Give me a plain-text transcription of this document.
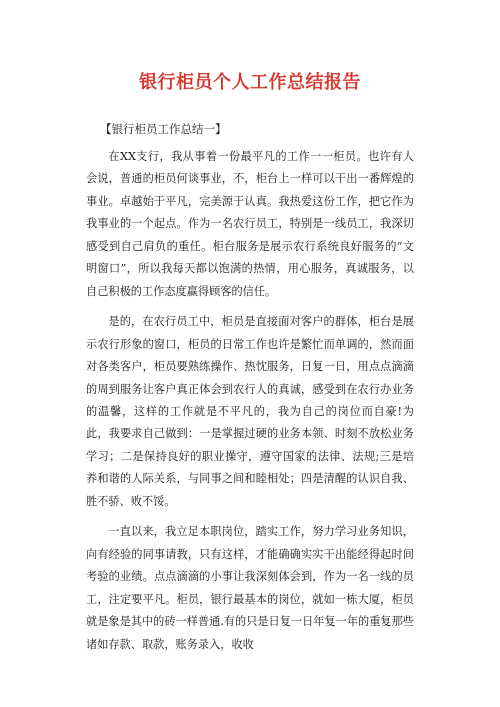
银行柜员个人工作总结报告
【银行柜员工作总结一】

在XX支行，我从事着一份最平凡的工作一一柜员。也许有人会说，普通的柜员何谈事业，不，柜台上一样可以干出一番辉煌的事业。卓越始于平凡，完美源于认真。我热爱这份工作，把它作为我事业的一个起点。作为一名农行员工，特别是一线员工，我深切感受到自己肩负的重任。柜台服务是展示农行系统良好服务的“文明窗口”，所以我每天都以饱满的热情，用心服务，真诚服务，以自己积极的工作态度赢得顾客的信任。

是的，在农行员工中，柜员是直接面对客户的群体，柜台是展示农行形象的窗口，柜员的日常工作也许是繁忙而单调的，然而面对各类客户，柜员要熟练操作、热忱服务，日复一日，用点点滴滴的周到服务让客户真正体会到农行人的真诚，感受到在农行办业务的温馨，这样的工作就是不平凡的，我为自己的岗位而自豪!为此，我要求自己做到：一是掌握过硬的业务本领、时刻不放松业务学习；二是保持良好的职业操守，遵守国家的法律、法规;三是培养和谐的人际关系，与同事之间和睦相处；四是清醒的认识自我、胜不骄、败不馁。

一直以来，我立足本职岗位，踏实工作，努力学习业务知识，向有经验的同事请教，只有这样，才能确确实实干出能经得起时间考验的业绩。点点滴滴的小事让我深刻体会到，作为一名一线的员工，注定要平凡。柜员，银行最基本的岗位，就如一栋大厦，柜员就是象是其中的砖一样普通.有的只是日复一日年复一年的重复那些诸如存款、取款，账务录入，收收
